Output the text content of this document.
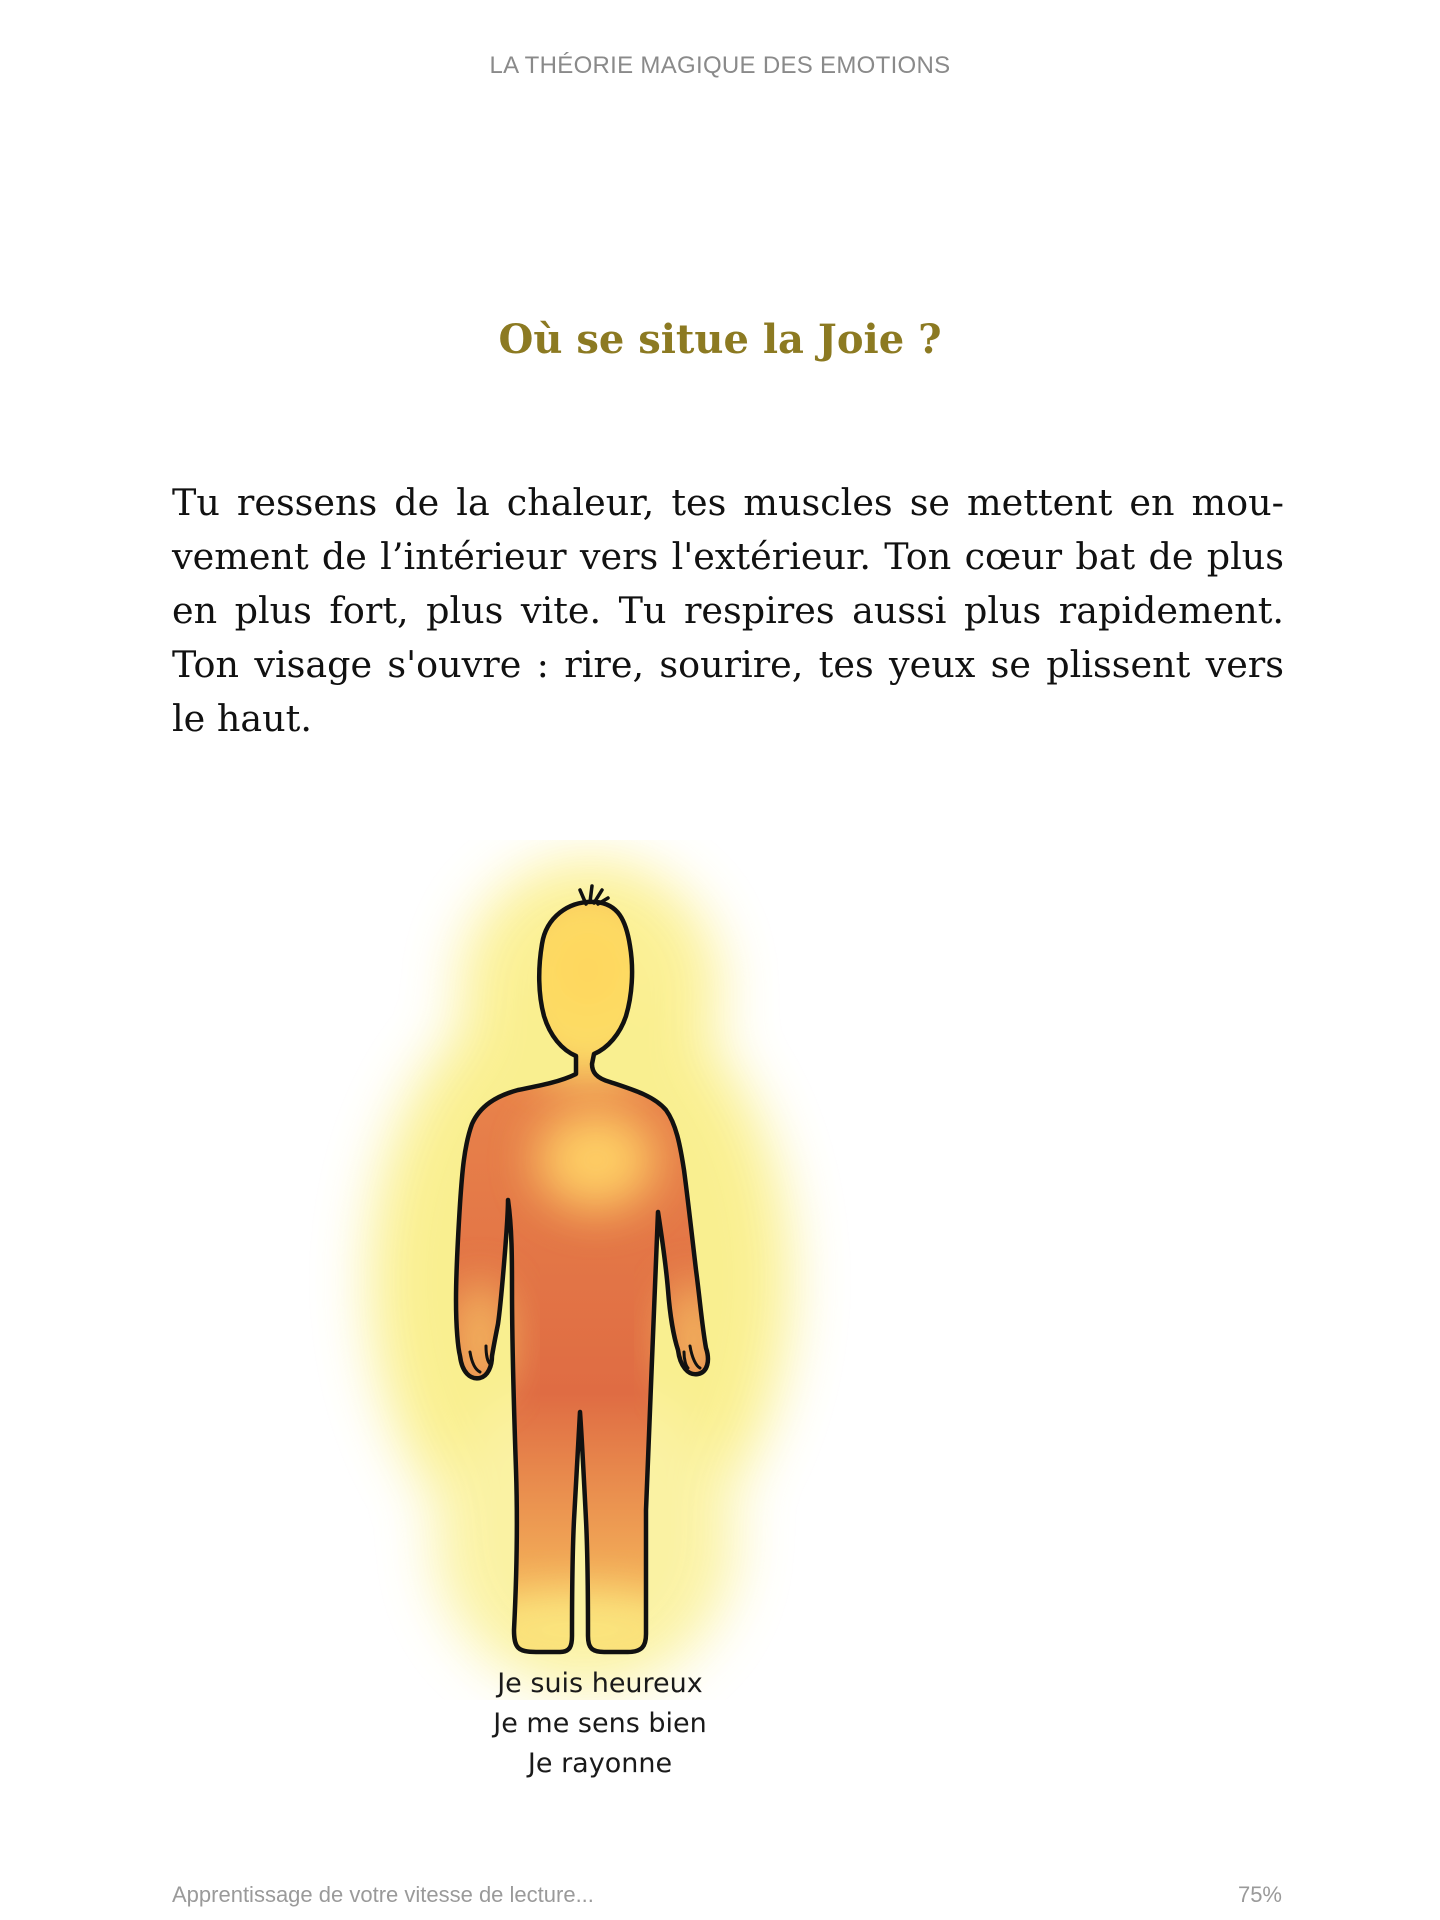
LA THÉORIE MAGIQUE DES EMOTIONS
Où se situe la Joie ?

Tu ressens de la chaleur, tes muscles se mettent en mouvement de l’intérieur vers l'extérieur. Ton cœur bat de plus en plus fort, plus vite. Tu respires aussi plus rapidement. Ton visage s'ouvre : rire, sourire, tes yeux se plissent vers le haut.

Je suis heureux
Je me sens bien
Je rayonne
Apprentissage de votre vitesse de lecture...	75%
